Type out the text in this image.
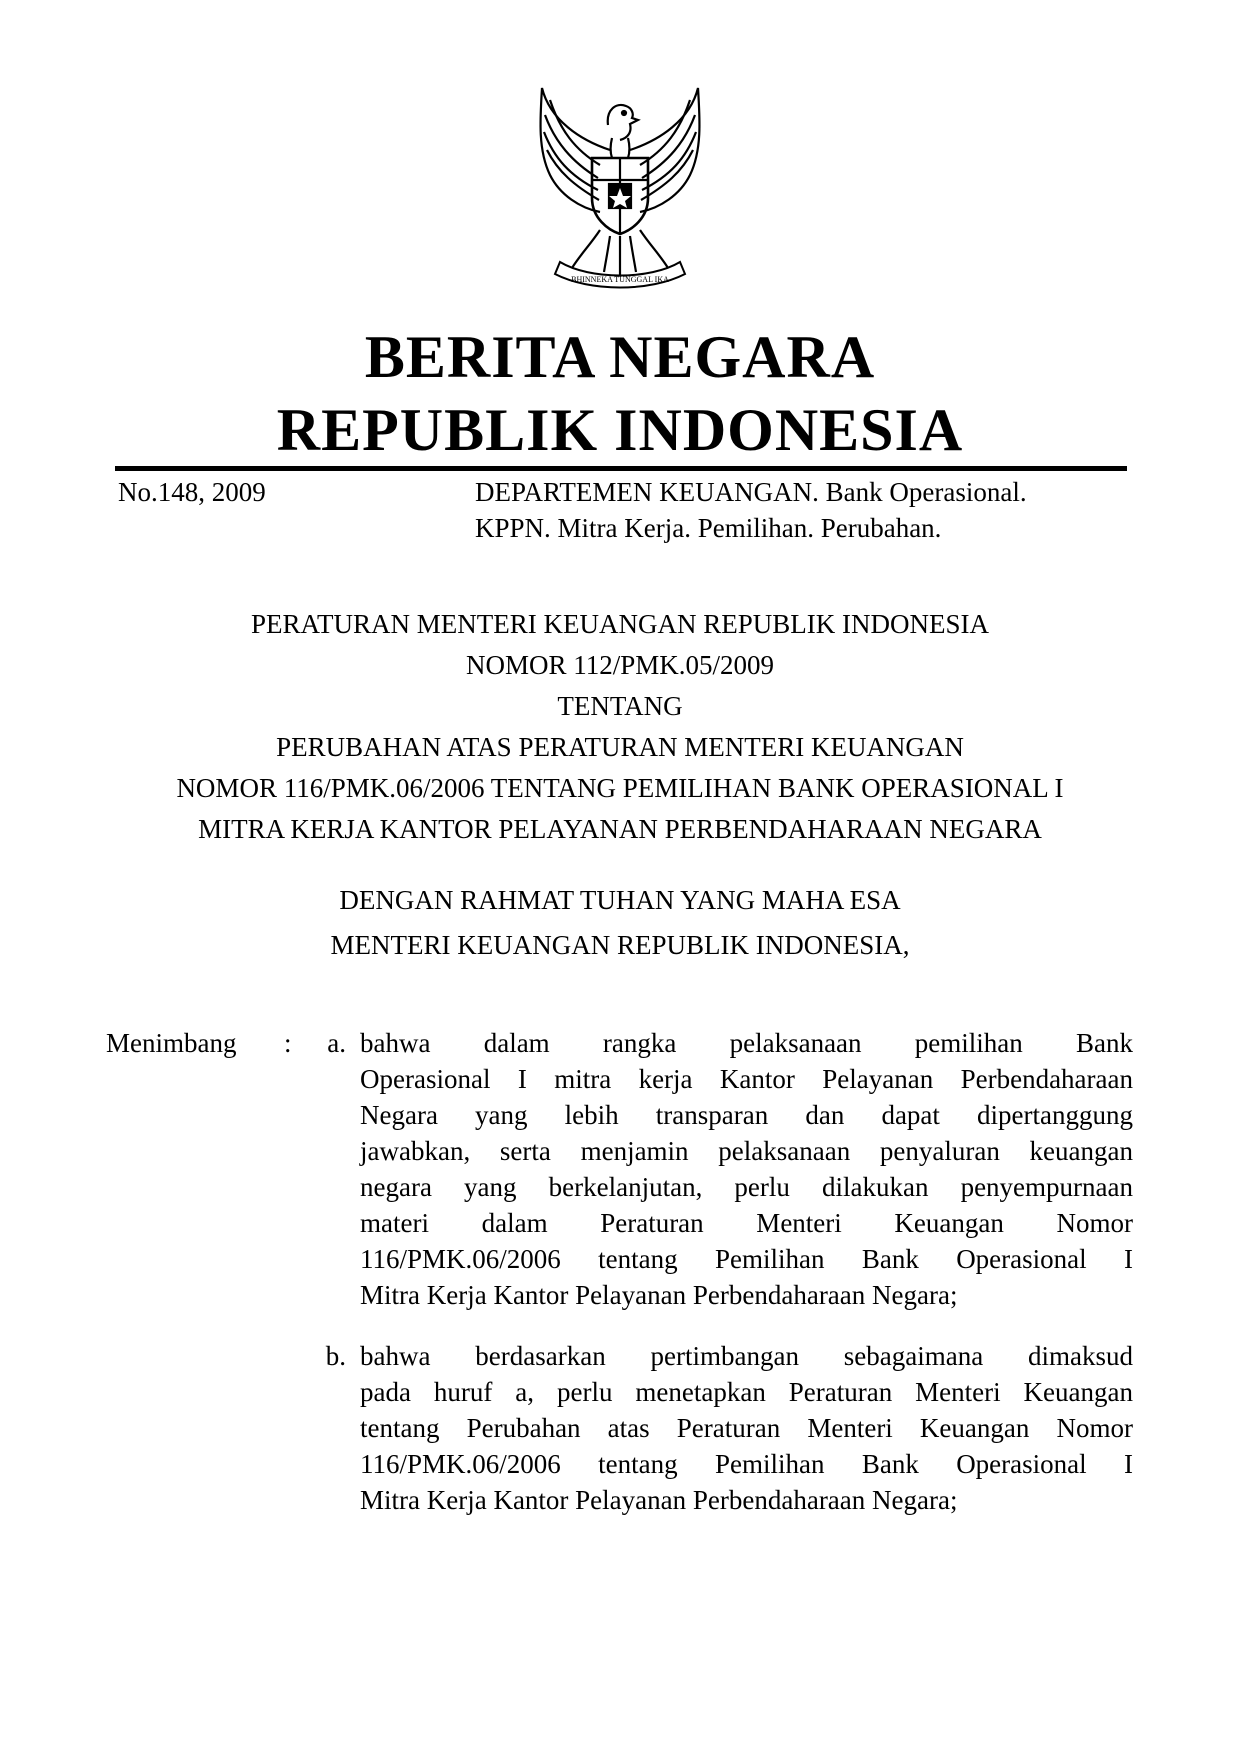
BHINNEKA TUNGGAL IKA
BERITA NEGARA
REPUBLIK INDONESIA
No.148, 2009	DEPARTEMEN KEUANGAN. Bank Operasional.
KPPN. Mitra Kerja. Pemilihan. Perubahan.
PERATURAN MENTERI KEUANGAN REPUBLIK INDONESIA
NOMOR 112/PMK.05/2009
TENTANG
PERUBAHAN ATAS PERATURAN MENTERI KEUANGAN
NOMOR 116/PMK.06/2006 TENTANG PEMILIHAN BANK OPERASIONAL I
MITRA KERJA KANTOR PELAYANAN PERBENDAHARAAN NEGARA
DENGAN RAHMAT TUHAN YANG MAHA ESA
MENTERI KEUANGAN REPUBLIK INDONESIA,
Menimbang :	a. bahwa dalam rangka pelaksanaan pemilihan Bank
Operasional I mitra kerja Kantor Pelayanan Perbendaharaan
Negara yang lebih transparan dan dapat dipertanggung
jawabkan, serta menjamin pelaksanaan penyaluran keuangan
negara yang berkelanjutan, perlu dilakukan penyempurnaan
materi dalam Peraturan Menteri Keuangan Nomor
116/PMK.06/2006 tentang Pemilihan Bank Operasional I
Mitra Kerja Kantor Pelayanan Perbendaharaan Negara;
b. bahwa berdasarkan pertimbangan sebagaimana dimaksud
pada huruf a, perlu menetapkan Peraturan Menteri Keuangan
tentang Perubahan atas Peraturan Menteri Keuangan Nomor
116/PMK.06/2006 tentang Pemilihan Bank Operasional I
Mitra Kerja Kantor Pelayanan Perbendaharaan Negara;
